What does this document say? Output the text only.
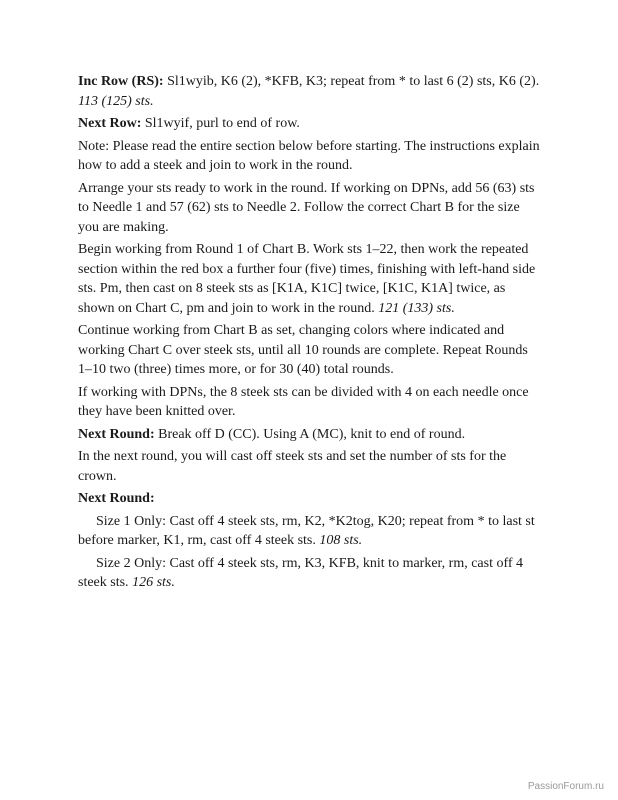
Inc Row (RS): Sl1wyib, K6 (2), *KFB, K3; repeat from * to last 6 (2) sts, K6 (2). 113 (125) sts.

Next Row: Sl1wyif, purl to end of row.

Note: Please read the entire section below before starting. The instructions explain how to add a steek and join to work in the round.

Arrange your sts ready to work in the round. If working on DPNs, add 56 (63) sts to Needle 1 and 57 (62) sts to Needle 2. Follow the correct Chart B for the size you are making.

Begin working from Round 1 of Chart B. Work sts 1–22, then work the repeated section within the red box a further four (five) times, finishing with left-hand side sts. Pm, then cast on 8 steek sts as [K1A, K1C] twice, [K1C, K1A] twice, as shown on Chart C, pm and join to work in the round. 121 (133) sts.

Continue working from Chart B as set, changing colors where indicated and working Chart C over steek sts, until all 10 rounds are complete. Repeat Rounds 1–10 two (three) times more, or for 30 (40) total rounds.

If working with DPNs, the 8 steek sts can be divided with 4 on each needle once they have been knitted over.

Next Round: Break off D (CC). Using A (MC), knit to end of round.

In the next round, you will cast off steek sts and set the number of sts for the crown.

Next Round:

Size 1 Only: Cast off 4 steek sts, rm, K2, *K2tog, K20; repeat from * to last st before marker, K1, rm, cast off 4 steek sts. 108 sts.

Size 2 Only: Cast off 4 steek sts, rm, K3, KFB, knit to marker, rm, cast off 4 steek sts. 126 sts.

PassionForum.ru
